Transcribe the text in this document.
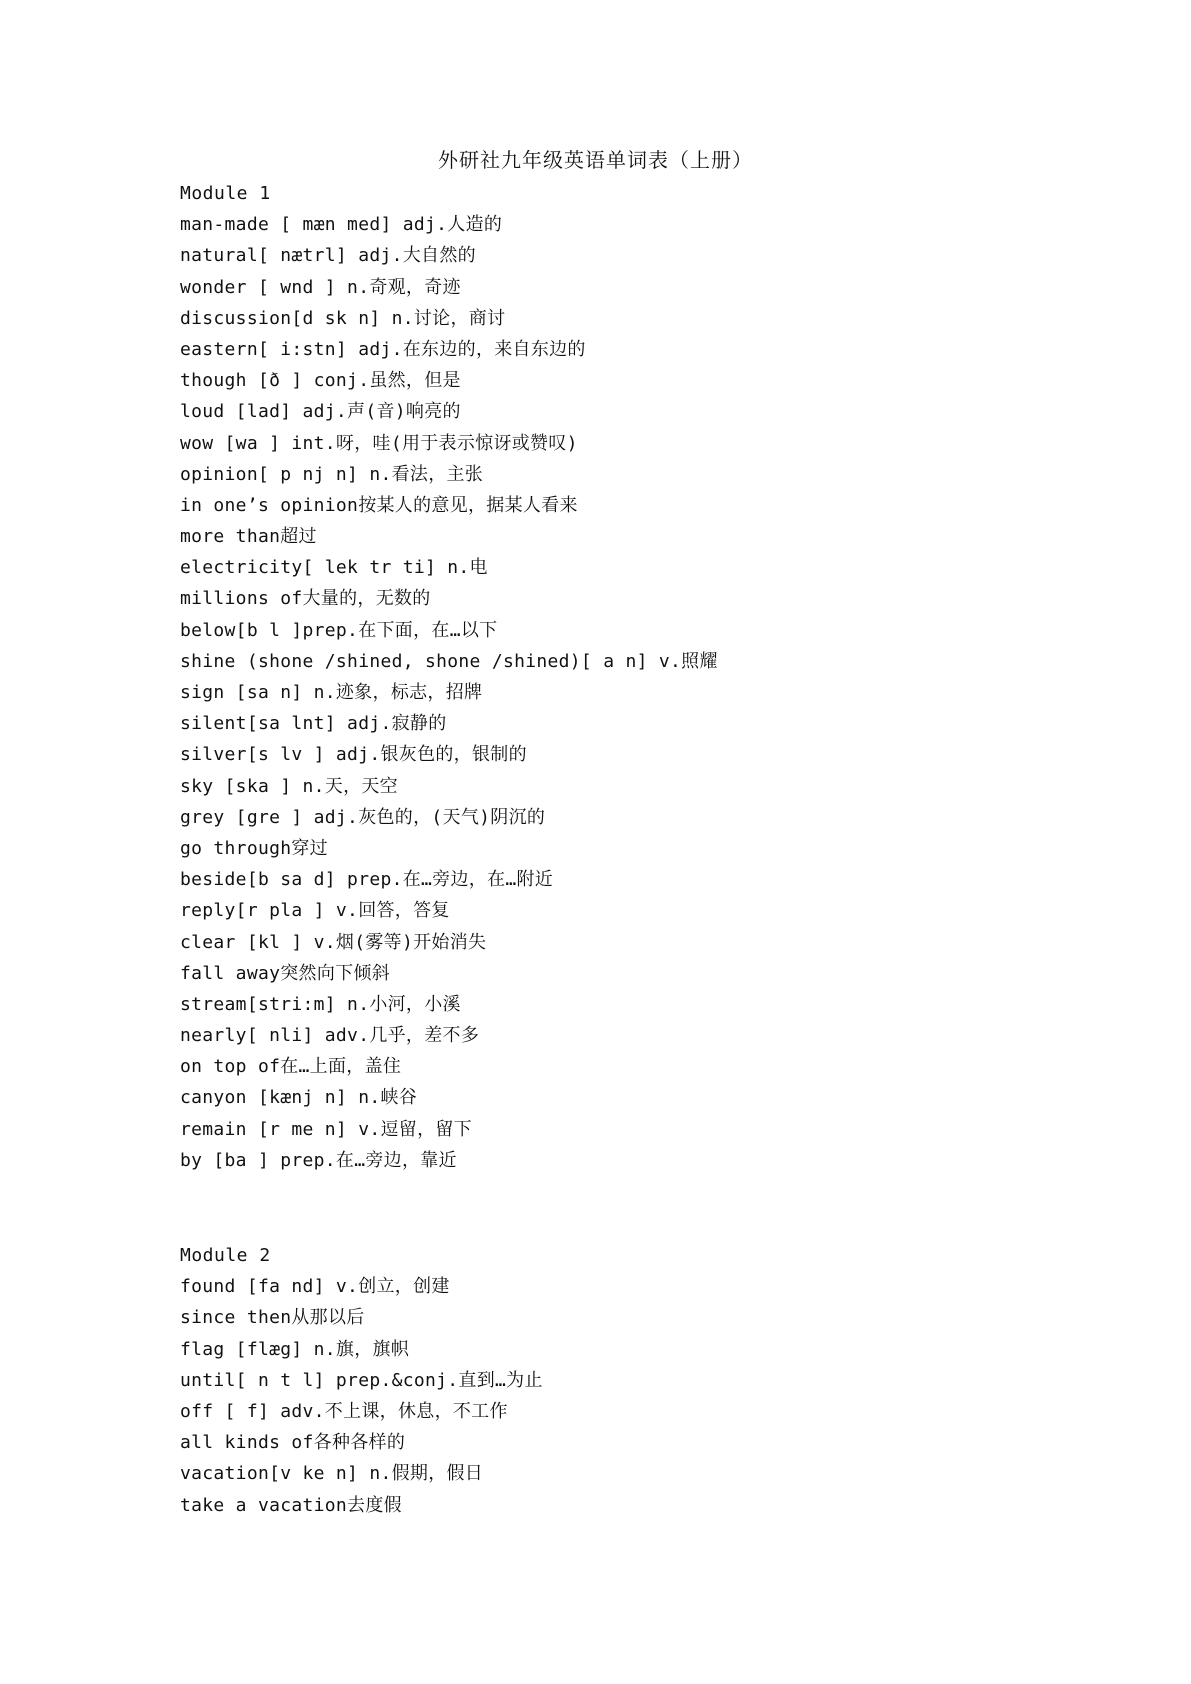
外研社九年级英语单词表（上册）
Module 1
man-made [ mæn med] adj.人造的
natural[ nætrl] adj.大自然的
wonder [ wnd ] n.奇观，奇迹
discussion[d sk n] n.讨论，商讨
eastern[ i:stn] adj.在东边的，来自东边的
though [ð ] conj.虽然，但是
loud [lad] adj.声(音)响亮的
wow [wa ] int.呀，哇(用于表示惊讶或赞叹)
opinion[ p nj n] n.看法，主张
in one’s opinion按某人的意见，据某人看来
more than超过
electricity[ lek tr ti] n.电
millions of大量的，无数的
below[b l ]prep.在下面，在…以下
shine (shone /shined, shone /shined)[ a n] v.照耀
sign [sa n] n.迹象，标志，招牌
silent[sa lnt] adj.寂静的
silver[s lv ] adj.银灰色的，银制的
sky [ska ] n.天，天空
grey [gre ] adj.灰色的，(天气)阴沉的
go through穿过
beside[b sa d] prep.在…旁边，在…附近
reply[r pla ] v.回答，答复
clear [kl ] v.烟(雾等)开始消失
fall away突然向下倾斜
stream[stri:m] n.小河，小溪
nearly[ nli] adv.几乎，差不多
on top of在…上面，盖住
canyon [kænj n] n.峡谷
remain [r me n] v.逗留，留下
by [ba ] prep.在…旁边，靠近
Module 2
found [fa nd] v.创立，创建
since then从那以后
flag [flæg] n.旗，旗帜
until[ n t l] prep.&conj.直到…为止
off [ f] adv.不上课，休息，不工作
all kinds of各种各样的
vacation[v ke n] n.假期，假日
take a vacation去度假
